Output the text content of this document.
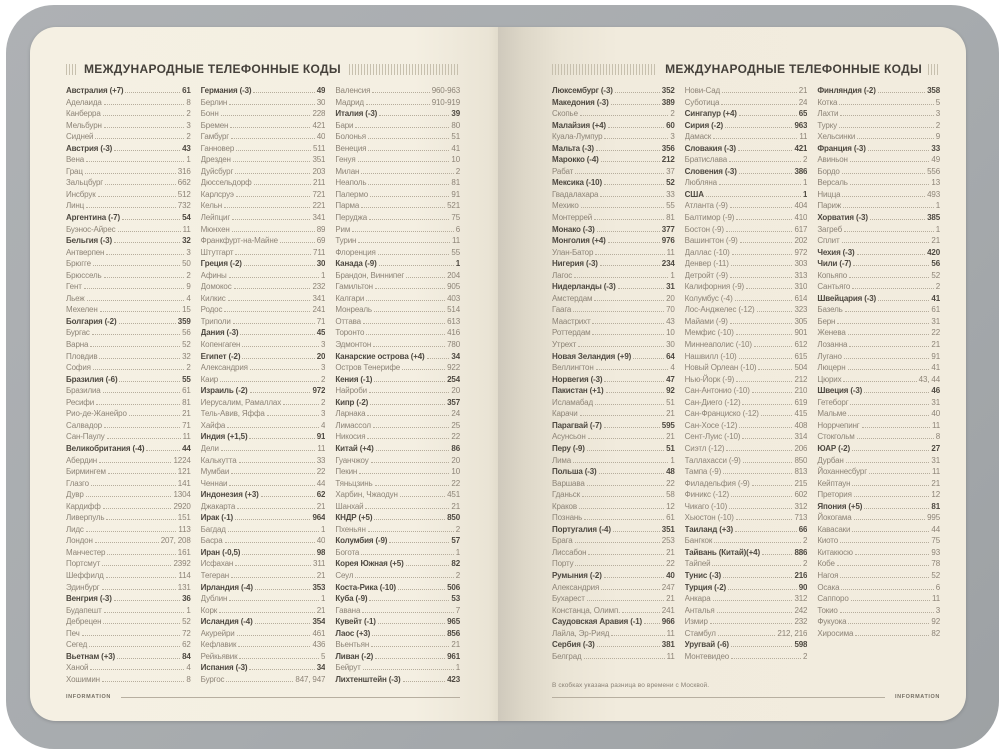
МЕЖДУНАРОДНЫЕ ТЕЛЕФОННЫЕ КОДЫ
Австралия (+7)	61
Аделаида	8
Канберра	2
Мельбурн	3
Сидней	2
Австрия (-3)	43
Вена	1
Грац	316
Зальцбург	662
Инсбрук	512
Линц	732
Аргентина (-7)	54
Буэнос-Айрес	11
Бельгия (-3)	32
Антверпен	3
Брюгге	50
Брюссель	2
Гент	9
Льеж	4
Мехелен	15
Болгария (-2)	359
Бургас	56
Варна	52
Пловдив	32
София	2
Бразилия (-6)	55
Бразилиа	61
Ресифи	81
Рио-де-Жанейро	21
Салвадор	71
Сан-Паулу	11
Великобритания (-4)	44
Абердин	1224
Бирмингем	121
Глазго	141
Дувр	1304
Кардифф	2920
Ливерпуль	151
Лидс	113
Лондон	207, 208
Манчестер	161
Портсмут	2392
Шеффилд	114
Эдинбург	131
Венгрия (-3)	36
Будапешт	1
Дебрецен	52
Печ	72
Сегед	62
Вьетнам (+3)	84
Ханой	4
Хошимин	8
Германия (-3)	49
Берлин	30
Бонн	228
Бремен	421
Гамбург	40
Ганновер	511
Дрезден	351
Дуйсбург	203
Дюссельдорф	211
Карлсруэ	721
Кельн	221
Лейпциг	341
Мюнхен	89
Франкфурт-на-Майне	69
Штутгарт	711
Греция (-2)	30
Афины	1
Домокос	232
Килкис	341
Родос	241
Триполи	71
Дания (-3)	45
Копенгаген	3
Египет (-2)	20
Александрия	3
Каир	2
Израиль (-2)	972
Иерусалим, Рамаллах	2
Тель-Авив, Яффа	3
Хайфа	4
Индия (+1,5)	91
Дели	11
Калькутта	33
Мумбаи	22
Ченнаи	44
Индонезия (+3)	62
Джакарта	21
Ирак (-1)	964
Багдад	1
Басра	40
Иран (-0,5)	98
Исфахан	311
Тегеран	21
Ирландия (-4)	353
Дублин	1
Корк	21
Исландия (-4)	354
Акурейри	461
Кефлавик	436
Рейкьявик	5
Испания (-3)	34
Бургос	847, 947
Валенсия	960-963
Мадрид	910-919
Италия (-3)	39
Бари	80
Болонья	51
Венеция	41
Генуя	10
Милан	2
Неаполь	81
Палермо	91
Парма	521
Перуджа	75
Рим	6
Турин	11
Флоренция	55
Канада (-9)	1
Брандон, Виннипег	204
Гамильтон	905
Калгари	403
Монреаль	514
Оттава	613
Торонто	416
Эдмонтон	780
Канарские острова (+4)	34
Остров Тенерифе	922
Кения (-1)	254
Найроби	20
Кипр (-2)	357
Ларнака	24
Лимассол	25
Никосия	22
Китай (+4)	86
Гуанчжоу	20
Пекин	10
Тяньцзинь	22
Харбин, Чжаодун	451
Шанхай	21
КНДР (+5)	850
Пхеньян	2
Колумбия (-9)	57
Богота	1
Корея Южная (+5)	82
Сеул	2
Коста-Рика (-10)	506
Куба (-9)	53
Гавана	7
Кувейт (-1)	965
Лаос (+3)	856
Вьентьян	21
Ливан (-2)	961
Бейрут	1
Лихтенштейн (-3)	423
INFORMATION
МЕЖДУНАРОДНЫЕ ТЕЛЕФОННЫЕ КОДЫ
Люксембург (-3)	352
Македония (-3)	389
Скопье	2
Малайзия (+4)	60
Куала-Лумпур	3
Мальта (-3)	356
Марокко (-4)	212
Рабат	37
Мексика (-10)	52
Гвадалахара	33
Мехико	55
Монтеррей	81
Монако (-3)	377
Монголия (+4)	976
Улан-Батор	11
Нигерия (-3)	234
Лагос	1
Нидерланды (-3)	31
Амстердам	20
Гаага	70
Маастрихт	43
Роттердам	10
Утрехт	30
Новая Зеландия (+9)	64
Веллингтон	4
Норвегия (-3)	47
Пакистан (+1)	92
Исламабад	51
Карачи	21
Парагвай (-7)	595
Асунсьон	21
Перу (-9)	51
Лима	1
Польша (-3)	48
Варшава	22
Гданьск	58
Краков	12
Познань	61
Португалия (-4)	351
Брага	253
Лиссабон	21
Порту	22
Румыния (-2)	40
Александрия	247
Бухарест	21
Констанца, Олимп.	241
Саудовская Аравия (-1) 966
Лайла, Эр-Рияд	11
Сербия (-3)	381
Белград	11
Нови-Сад	21
Суботица	24
Сингапур (+4)	65
Сирия (-2)	963
Дамаск	11
Словакия (-3)	421
Братислава	2
Словения (-3)	386
Любляна	1
США	1
Атланта (-9)	404
Балтимор (-9)	410
Бостон (-9)	617
Вашингтон (-9)	202
Даллас (-10)	972
Денвер (-11)	303
Детройт (-9)	313
Калифорния (-9)	310
Колумбус (-4)	614
Лос-Анджелес (-12)	323
Майами (-9)	305
Мемфис (-10)	901
Миннеаполис (-10)	612
Нашвилл (-10)	615
Новый Орлеан (-10)	504
Нью-Йорк (-9)	212
Сан-Антонио (-10)	210
Сан-Диего (-12)	619
Сан-Франциско (-12)	415
Сан-Хосе (-12)	408
Сент-Луис (-10)	314
Сиэтл (-12)	206
Таллахасси (-9)	850
Тампа (-9)	813
Филадельфия (-9)	215
Финикс (-12)	602
Чикаго (-10)	312
Хьюстон (-10)	713
Таиланд (+3)	66
Бангкок	2
Тайвань (Китай)(+4)	886
Тайпей	2
Тунис (-3)	216
Турция (-2)	90
Анкара	312
Анталья	242
Измир	232
Стамбул	212, 216
Уругвай (-6)	598
Монтевидео	2
Финляндия (-2)	358
Котка	5
Лахти	3
Турку	2
Хельсинки	9
Франция (-3)	33
Авиньон	49
Бордо	556
Версаль	13
Ницца	493
Париж	1
Хорватия (-3)	385
Загреб	1
Сплит	21
Чехия (-3)	420
Чили (-7)	56
Копьяпо	52
Сантьяго	2
Швейцария (-3)	41
Базель	61
Берн	31
Женева	22
Лозанна	21
Лугано	91
Люцерн	41
Цюрих	43, 44
Швеция (-3)	46
Гетеборг	31
Мальме	40
Норрчепинг	11
Стокгольм	8
ЮАР (-2)	27
Дурбан	31
Йоханнесбург	11
Кейптаун	21
Претория	12
Япония (+5)	81
Йокогама	995
Кавасаки	44
Киото	75
Китакюсю	93
Кобе	78
Нагоя	52
Осака	6
Саппоро	11
Токио	3
Фукуока	92
Хиросима	82
В скобках указана разница во времени с Москвой.
INFORMATION
